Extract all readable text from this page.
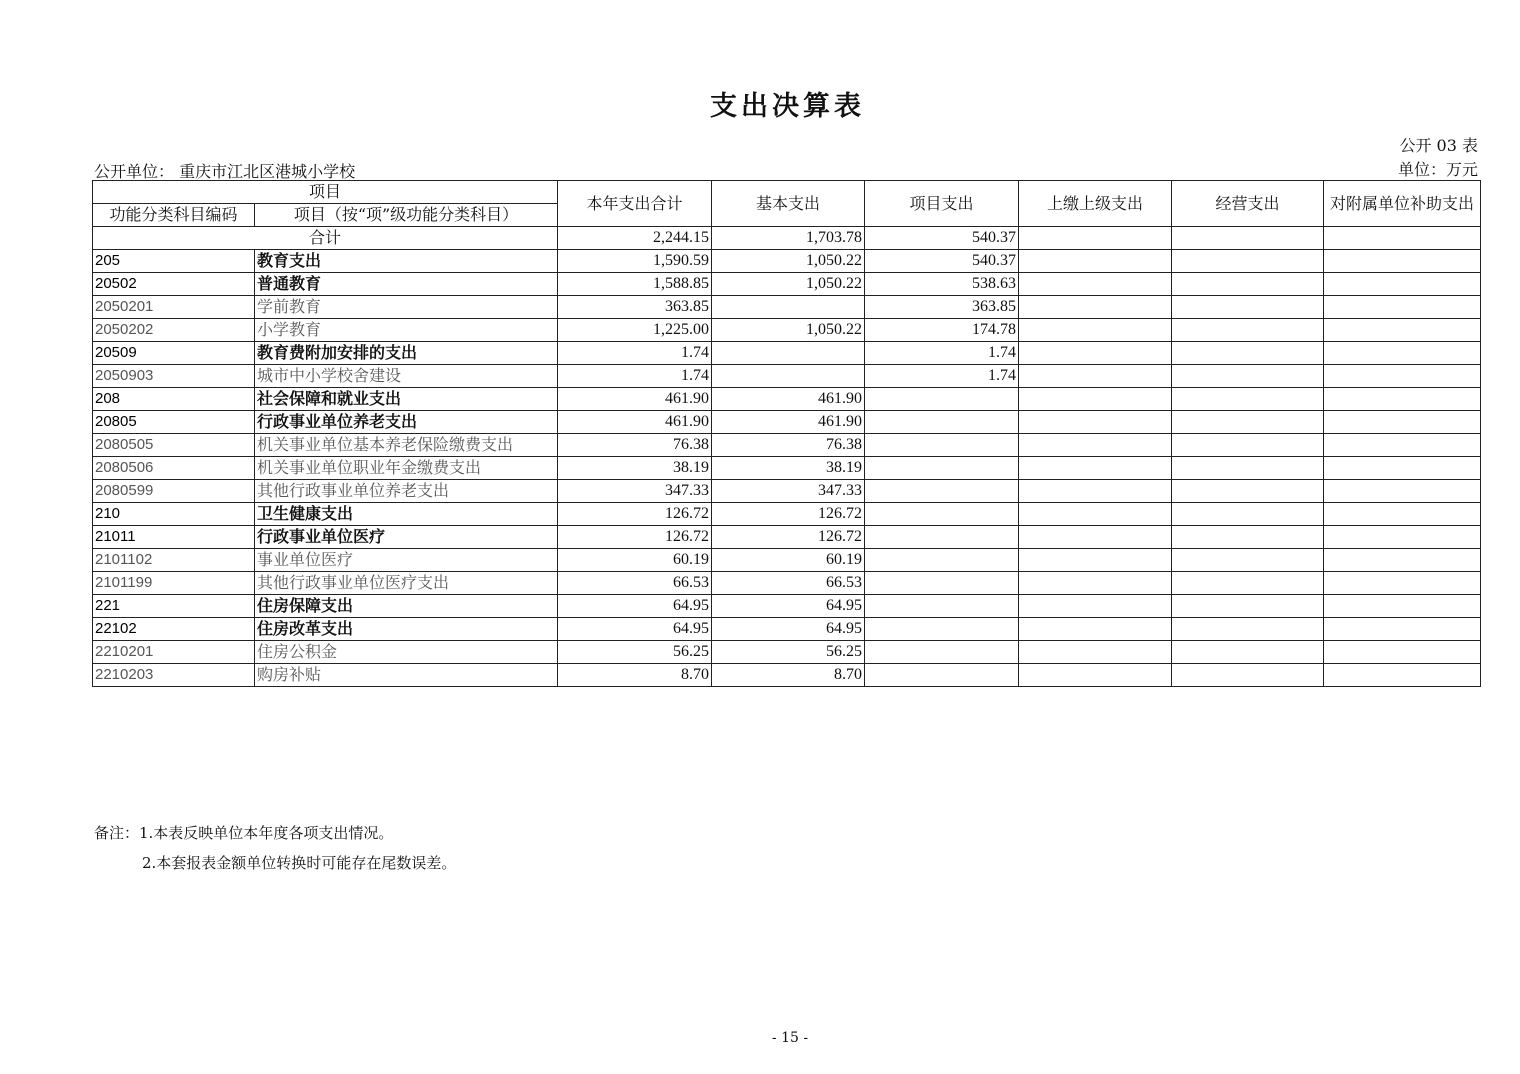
支出决算表
公开 03 表
单位：万元
公开单位： 重庆市江北区港城小学校
项目		本年支出合计	基本支出	项目支出	上缴上级支出	经营支出	对附属单位补助支出
功能分类科目编码	项目（按“项”级功能分类科目）						
合计		2,244.15	1,703.78	540.37			
205	教育支出	1,590.59	1,050.22	540.37			
20502	普通教育	1,588.85	1,050.22	538.63			
2050201	学前教育	363.85		363.85			
2050202	小学教育	1,225.00	1,050.22	174.78			
20509	教育费附加安排的支出	1.74		1.74			
2050903	城市中小学校舍建设	1.74		1.74			
208	社会保障和就业支出	461.90	461.90				
20805	行政事业单位养老支出	461.90	461.90				
2080505	机关事业单位基本养老保险缴费支出	76.38	76.38				
2080506	机关事业单位职业年金缴费支出	38.19	38.19				
2080599	其他行政事业单位养老支出	347.33	347.33				
210	卫生健康支出	126.72	126.72				
21011	行政事业单位医疗	126.72	126.72				
2101102	事业单位医疗	60.19	60.19				
2101199	其他行政事业单位医疗支出	66.53	66.53				
221	住房保障支出	64.95	64.95				
22102	住房改革支出	64.95	64.95				
2210201	住房公积金	56.25	56.25				
2210203	购房补贴	8.70	8.70				
备注：1.本表反映单位本年度各项支出情况。
2.本套报表金额单位转换时可能存在尾数误差。
- 15 -
